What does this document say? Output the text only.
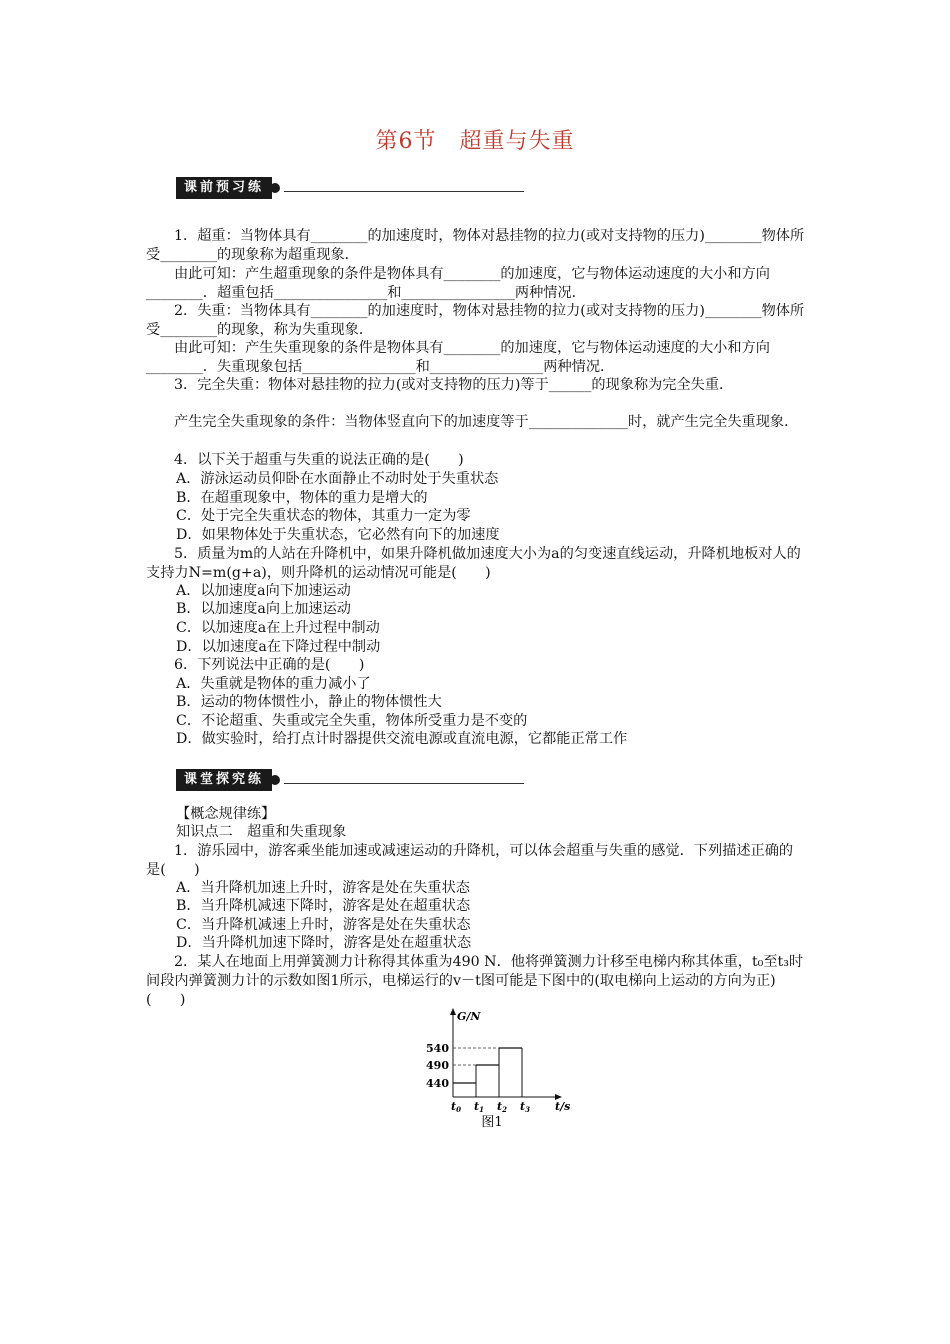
第6节　超重与失重
课前预习练
1．超重：当物体具有________的加速度时，物体对悬挂物的拉力(或对支持物的压力)________物体所受________的现象称为超重现象．
由此可知：产生超重现象的条件是物体具有________的加速度，它与物体运动速度的大小和方向________．超重包括________________和________________两种情况．
2．失重：当物体具有________的加速度时，物体对悬挂物的拉力(或对支持物的压力)________物体所受________的现象，称为失重现象．
由此可知：产生失重现象的条件是物体具有________的加速度，它与物体运动速度的大小和方向________．失重现象包括________________和________________两种情况．
3．完全失重：物体对悬挂物的拉力(或对支持物的压力)等于______的现象称为完全失重．
产生完全失重现象的条件：当物体竖直向下的加速度等于______________时，就产生完全失重现象．
4．以下关于超重与失重的说法正确的是(　　)
A．游泳运动员仰卧在水面静止不动时处于失重状态
B．在超重现象中，物体的重力是增大的
C．处于完全失重状态的物体，其重力一定为零
D．如果物体处于失重状态，它必然有向下的加速度
5．质量为m的人站在升降机中，如果升降机做加速度大小为a的匀变速直线运动，升降机地板对人的支持力N=m(g+a)，则升降机的运动情况可能是(　　)
A．以加速度a向下加速运动
B．以加速度a向上加速运动
C．以加速度a在上升过程中制动
D．以加速度a在下降过程中制动
6．下列说法中正确的是(　　)
A．失重就是物体的重力减小了
B．运动的物体惯性小，静止的物体惯性大
C．不论超重、失重或完全失重，物体所受重力是不变的
D．做实验时，给打点计时器提供交流电源或直流电源，它都能正常工作
课堂探究练
【概念规律练】
知识点二　超重和失重现象
1．游乐园中，游客乘坐能加速或减速运动的升降机，可以体会超重与失重的感觉．下列描述正确的是(　　)
A．当升降机加速上升时，游客是处在失重状态
B．当升降机减速下降时，游客是处在超重状态
C．当升降机减速上升时，游客是处在失重状态
D．当升降机加速下降时，游客是处在超重状态
2．某人在地面上用弹簧测力计称得其体重为490 N．他将弹簧测力计移至电梯内称其体重，t₀至t₃时间段内弹簧测力计的示数如图1所示，电梯运行的v－t图可能是下图中的(取电梯向上运动的方向为正)(　　)
G/N
t/s
540
490
440
t0 t1 t2 t3
图1
